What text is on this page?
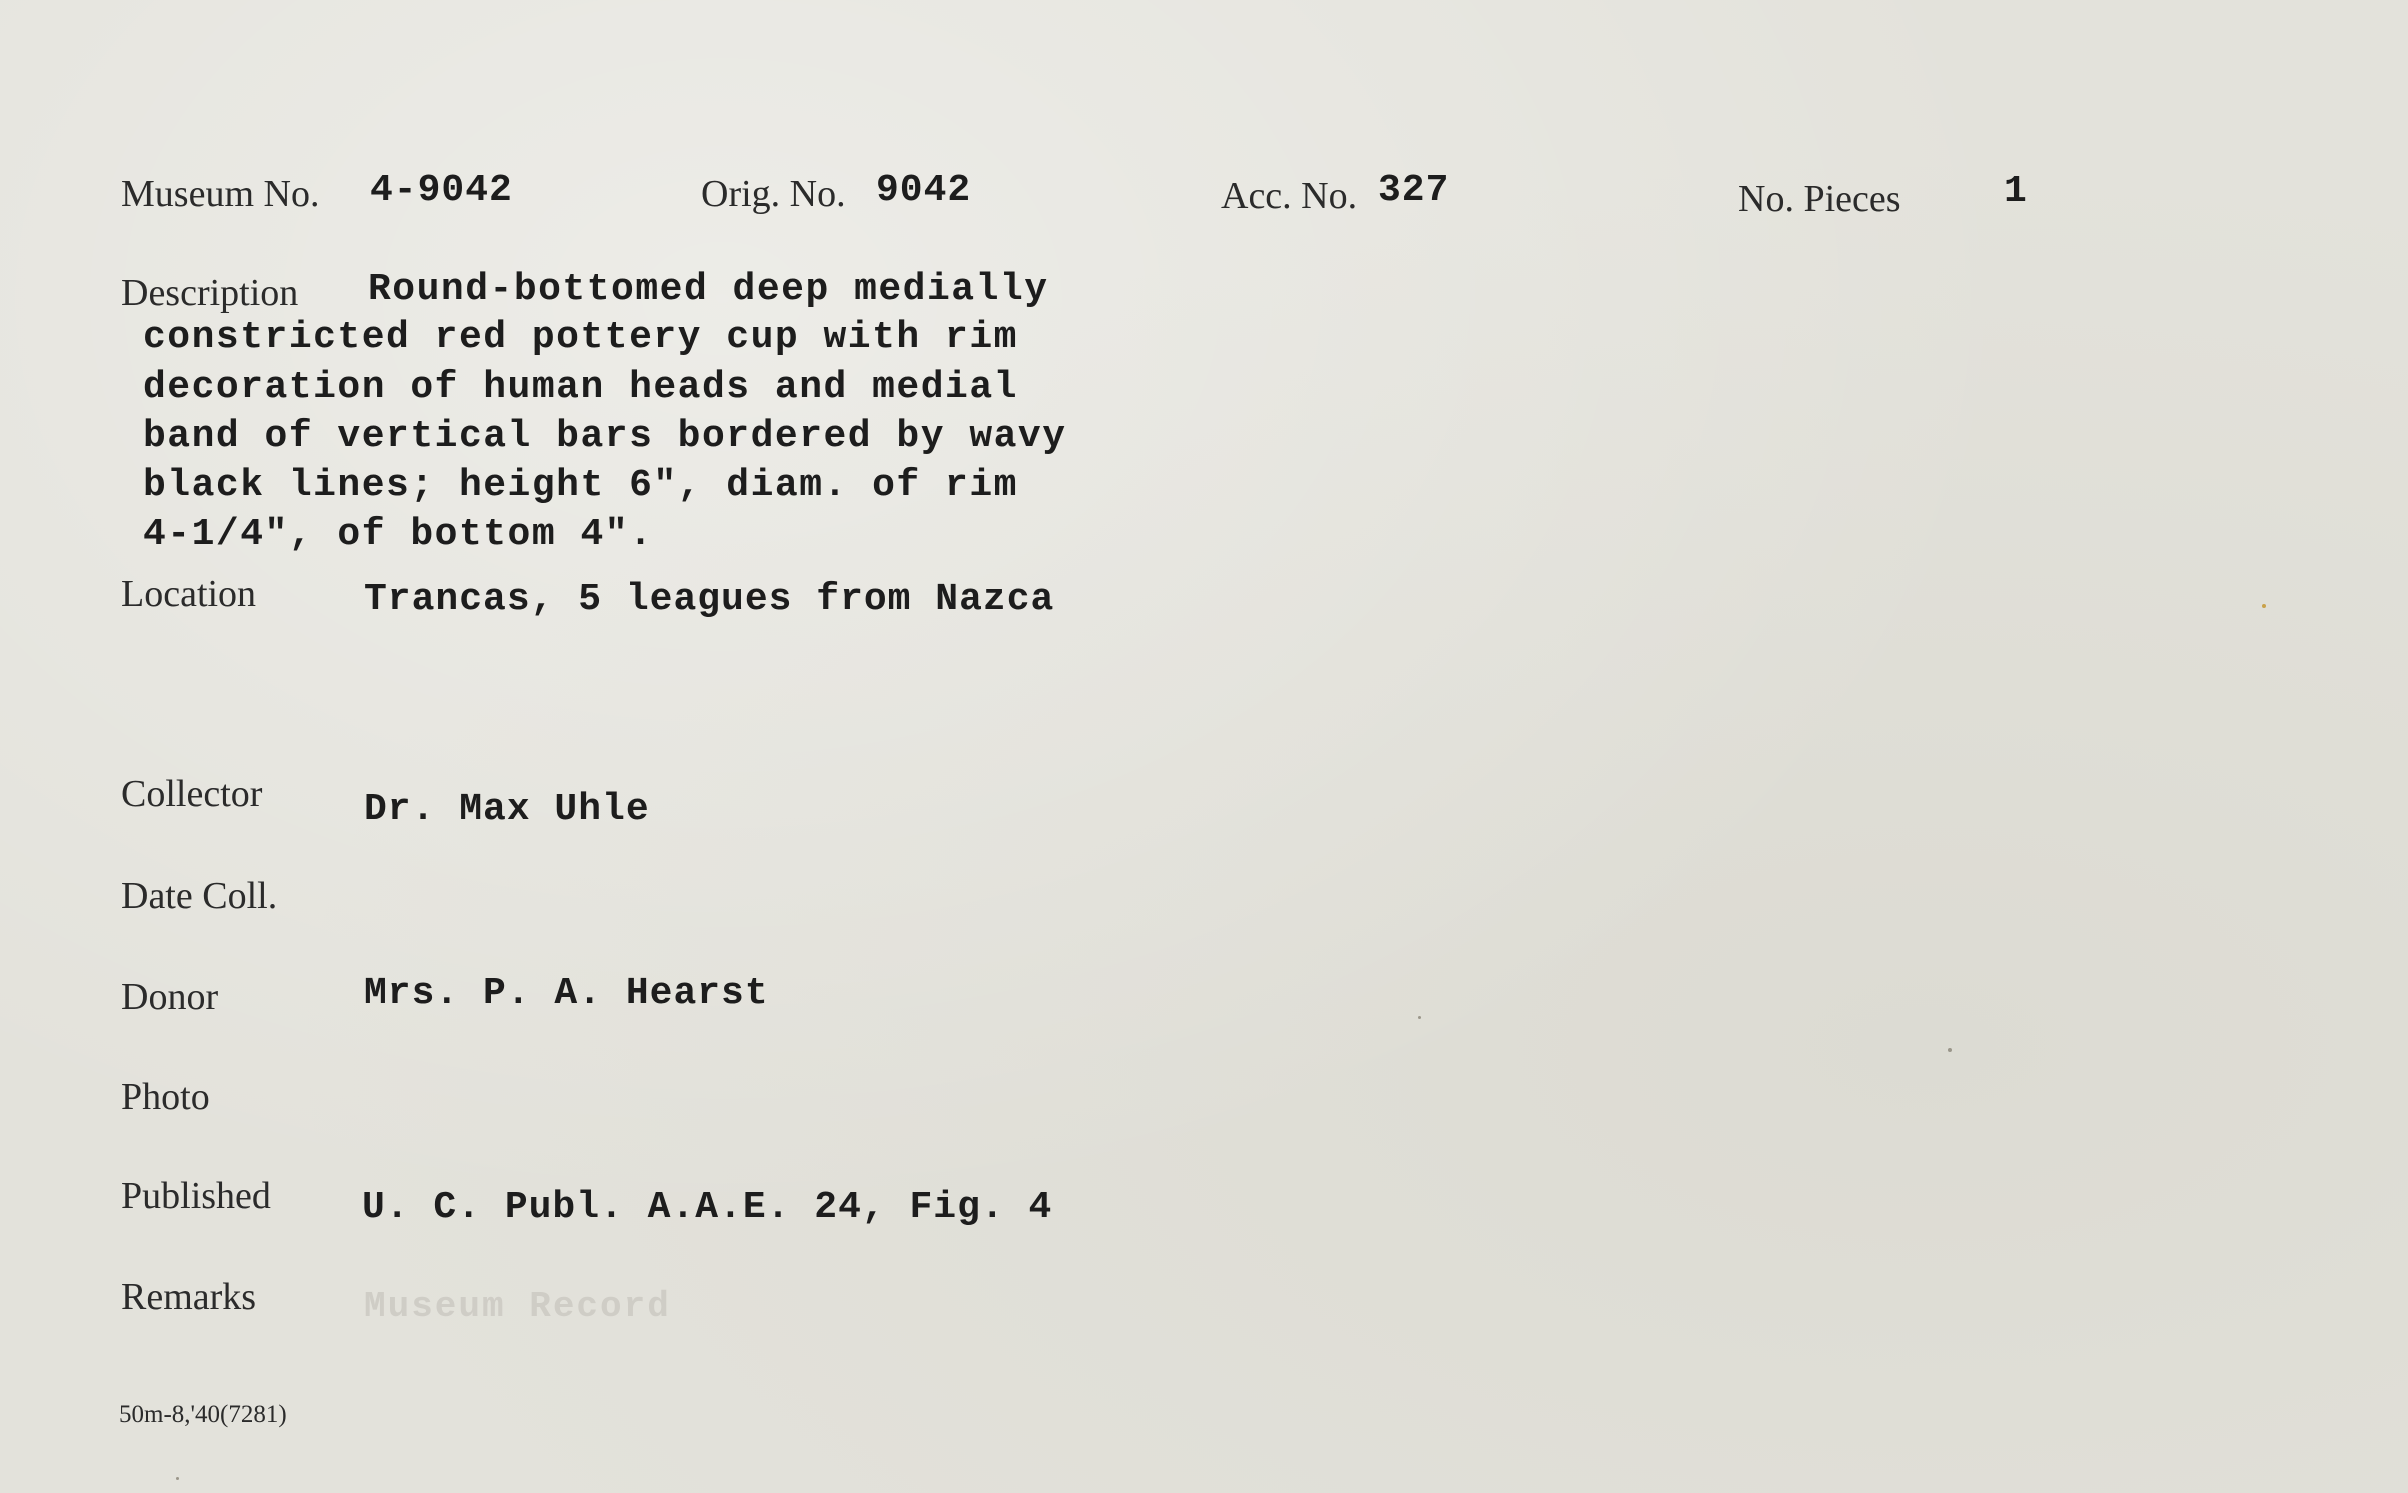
Museum No. 4-9042	Orig. No. 9042	Acc. No. 327	No. Pieces	1
Description Round-bottomed deep medially
constricted red pottery cup with rim
decoration of human heads and medial
band of vertical bars bordered by wavy
black lines; height 6", diam. of rim
4-1/4", of bottom 4".
Location	Trancas, 5 leagues from Nazca
Collector	Dr. Max Uhle
Date Coll.
Donor	Mrs. P. A. Hearst
Photo
Published U. C. Publ. A.A.E. 24, Fig. 4
Remarks	Museum Record
50m-8,'40(7281)
